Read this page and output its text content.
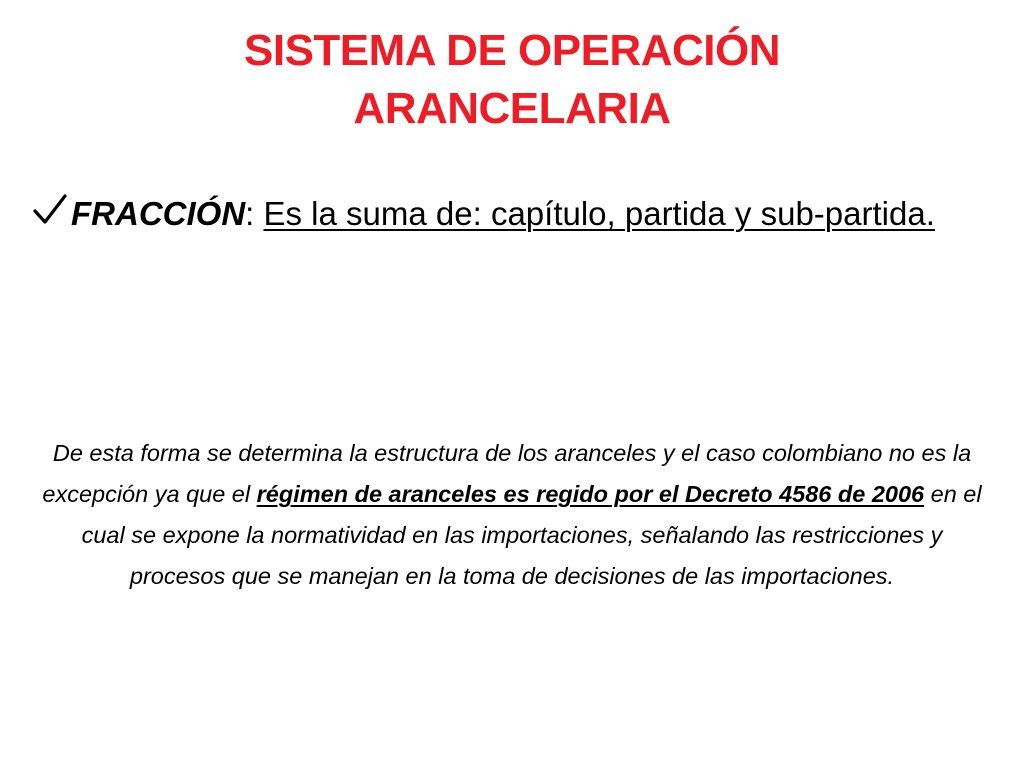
SISTEMA DE OPERACIÓN
ARANCELARIA
FRACCIÓN: Es la suma de: capítulo, partida y sub-partida.
De esta forma se determina la estructura de los aranceles y el caso colombiano no es la excepción ya que el régimen de aranceles es regido por el Decreto 4586 de 2006 en el cual se expone la normatividad en las importaciones, señalando las restricciones y procesos que se manejan en la toma de decisiones de las importaciones.
